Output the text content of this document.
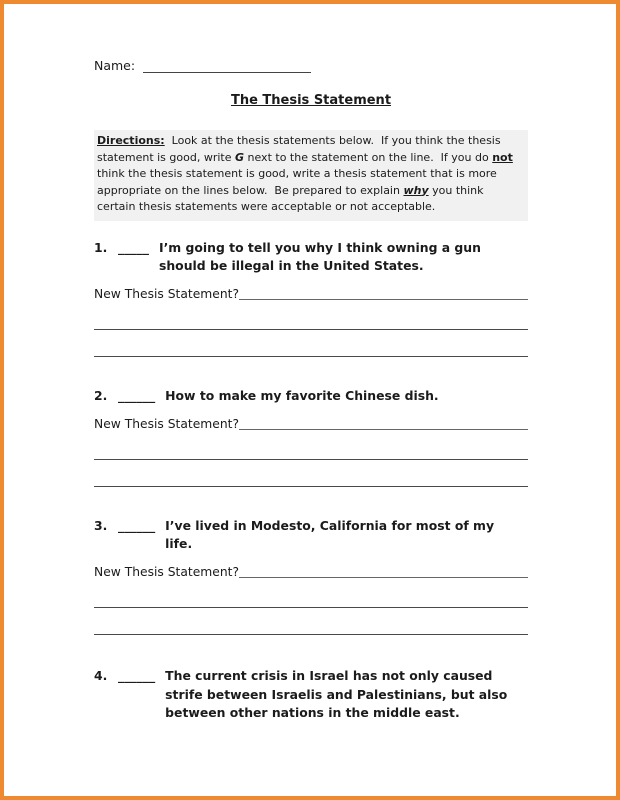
Name:
The Thesis Statement
Directions:  Look at the thesis statements below.  If you think the thesis statement is good, write G next to the statement on the line.  If you do not think the thesis statement is good, write a thesis statement that is more appropriate on the lines below.  Be prepared to explain why you think certain thesis statements were acceptable or not acceptable.
1. _____ I’m going to tell you why I think owning a gun should be illegal in the United States.
New Thesis Statement?
2. ______ How to make my favorite Chinese dish.
New Thesis Statement?
3. ______ I’ve lived in Modesto, California for most of my life.
New Thesis Statement?
4. ______ The current crisis in Israel has not only caused strife between Israelis and Palestinians, but also between other nations in the middle east.
